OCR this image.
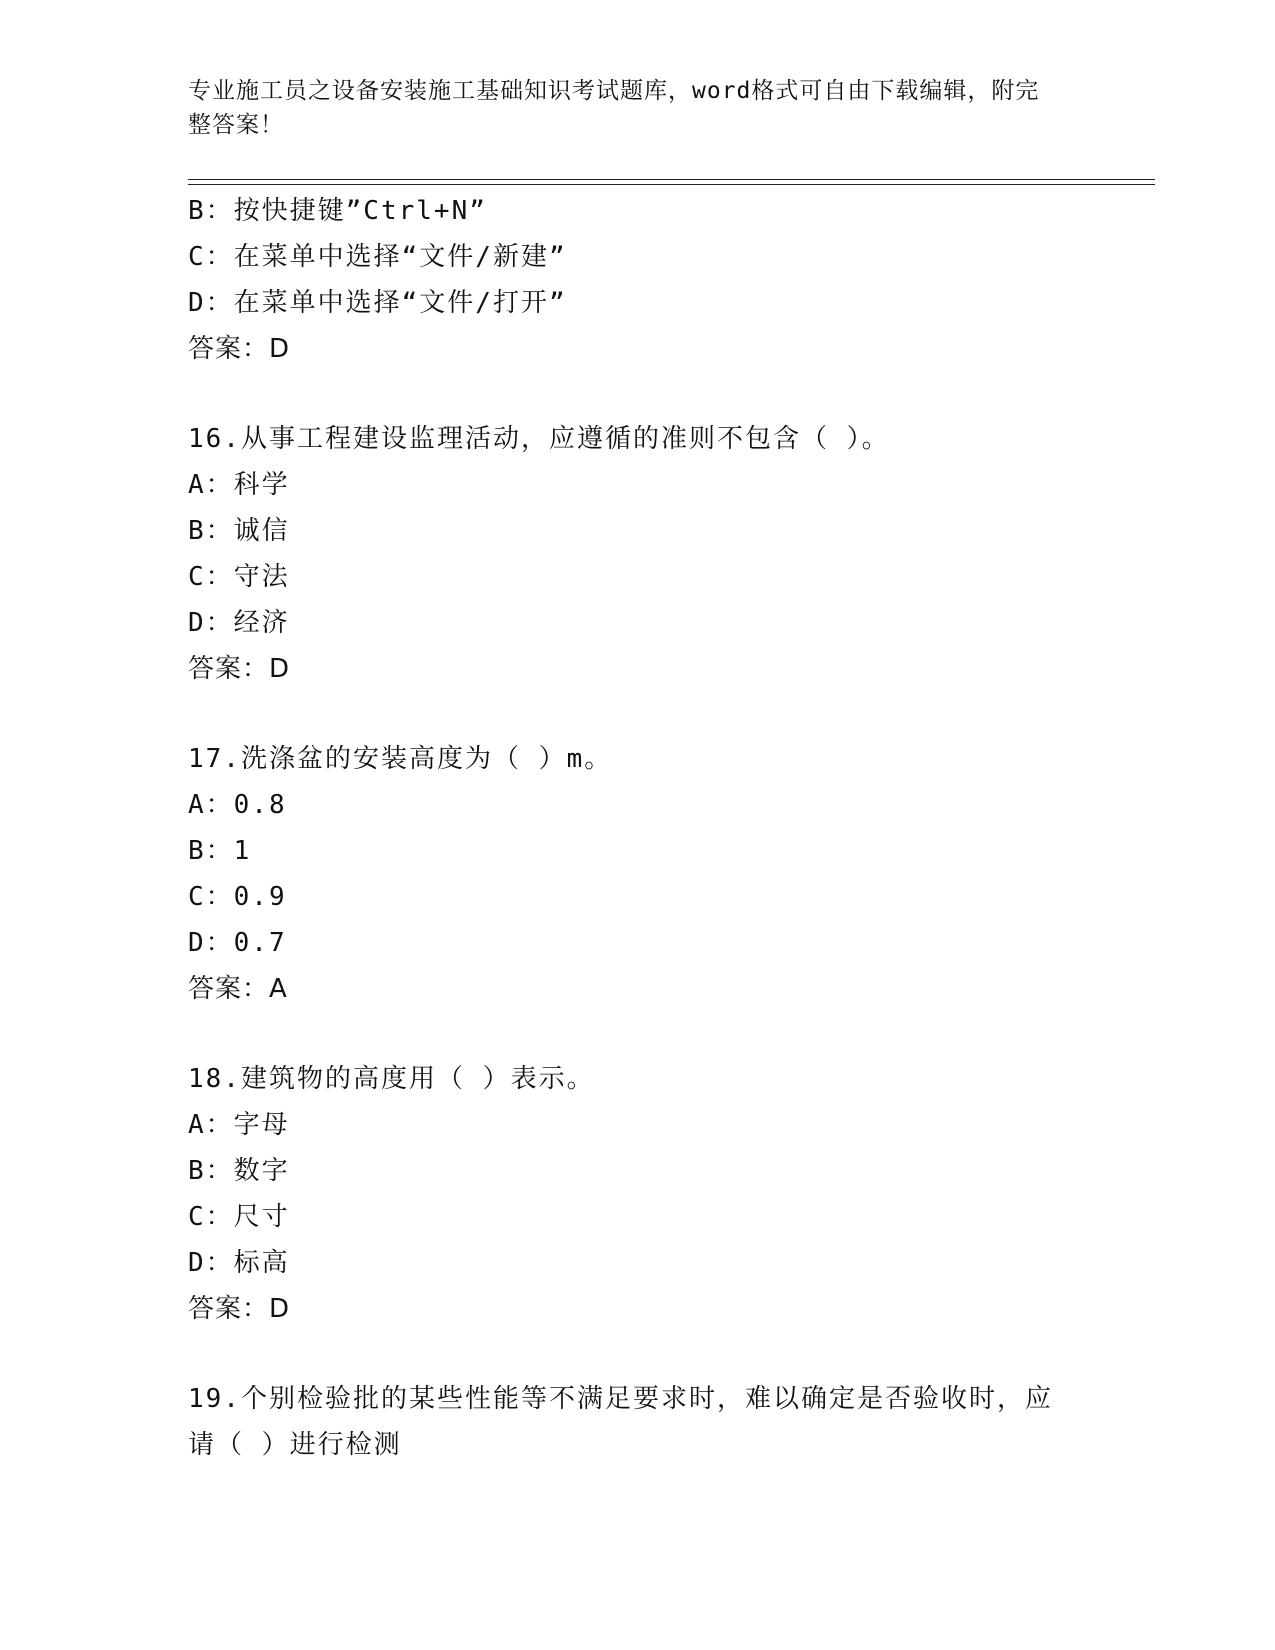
专业施工员之设备安装施工基础知识考试题库，word格式可自由下载编辑，附完
整答案！
B：按快捷键”Ctrl+N”
C：在菜单中选择“文件/新建”
D：在菜单中选择“文件/打开”
答案：D
16.从事工程建设监理活动，应遵循的准则不包含（ ）。
A：科学
B：诚信
C：守法
D：经济
答案：D
17.洗涤盆的安装高度为（ ）m。
A：0.8
B：1
C：0.9
D：0.7
答案：A
18.建筑物的高度用（ ）表示。
A：字母
B：数字
C：尺寸
D：标高
答案：D
19.个别检验批的某些性能等不满足要求时，难以确定是否验收时，应
请（ ）进行检测
